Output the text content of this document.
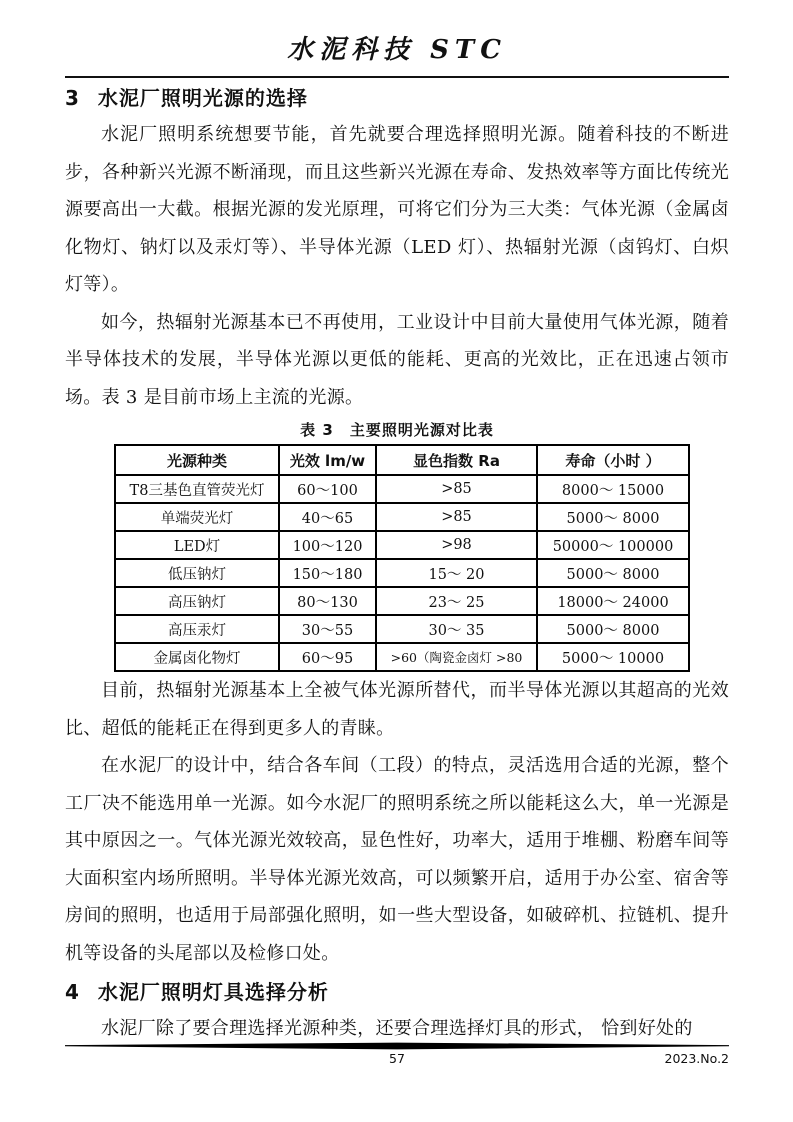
水泥科技 STC
3 水泥厂照明光源的选择

水泥厂照明系统想要节能，首先就要合理选择照明光源。随着科技的不断进步，各种新兴光源不断涌现，而且这些新兴光源在寿命、发热效率等方面比传统光源要高出一大截。根据光源的发光原理，可将它们分为三大类：气体光源（金属卤化物灯、钠灯以及汞灯等）、半导体光源（LED 灯）、热辐射光源（卤钨灯、白炽灯等）。

如今，热辐射光源基本已不再使用，工业设计中目前大量使用气体光源，随着半导体技术的发展，半导体光源以更低的能耗、更高的光效比，正在迅速占领市场。表 3 是目前市场上主流的光源。

表 3　主要照明光源对比表
光源种类	光效 lm/w	显色指数 Ra	寿命（小时 ）
T8三基色直管荧光灯	60～100	>85	8000～ 15000
单端荧光灯	40～65	>85	5000～ 8000
LED灯	100～120	>98	50000～ 100000
低压钠灯	150～180	15～ 20	5000～ 8000
高压钠灯	80～130	23～ 25	18000～ 24000
高压汞灯	30～55	30～ 35	5000～ 8000
金属卤化物灯	60～95	>60（陶瓷金卤灯 >80	5000～ 10000

目前，热辐射光源基本上全被气体光源所替代，而半导体光源以其超高的光效比、超低的能耗正在得到更多人的青睐。

在水泥厂的设计中，结合各车间（工段）的特点，灵活选用合适的光源，整个工厂决不能选用单一光源。如今水泥厂的照明系统之所以能耗这么大，单一光源是其中原因之一。气体光源光效较高，显色性好，功率大，适用于堆棚、粉磨车间等大面积室内场所照明。半导体光源光效高，可以频繁开启，适用于办公室、宿舍等房间的照明，也适用于局部强化照明，如一些大型设备，如破碎机、拉链机、提升机等设备的头尾部以及检修口处。

4 水泥厂照明灯具选择分析

水泥厂除了要合理选择光源种类，还要合理选择灯具的形式， 恰到好处的

57	2023.No.2
